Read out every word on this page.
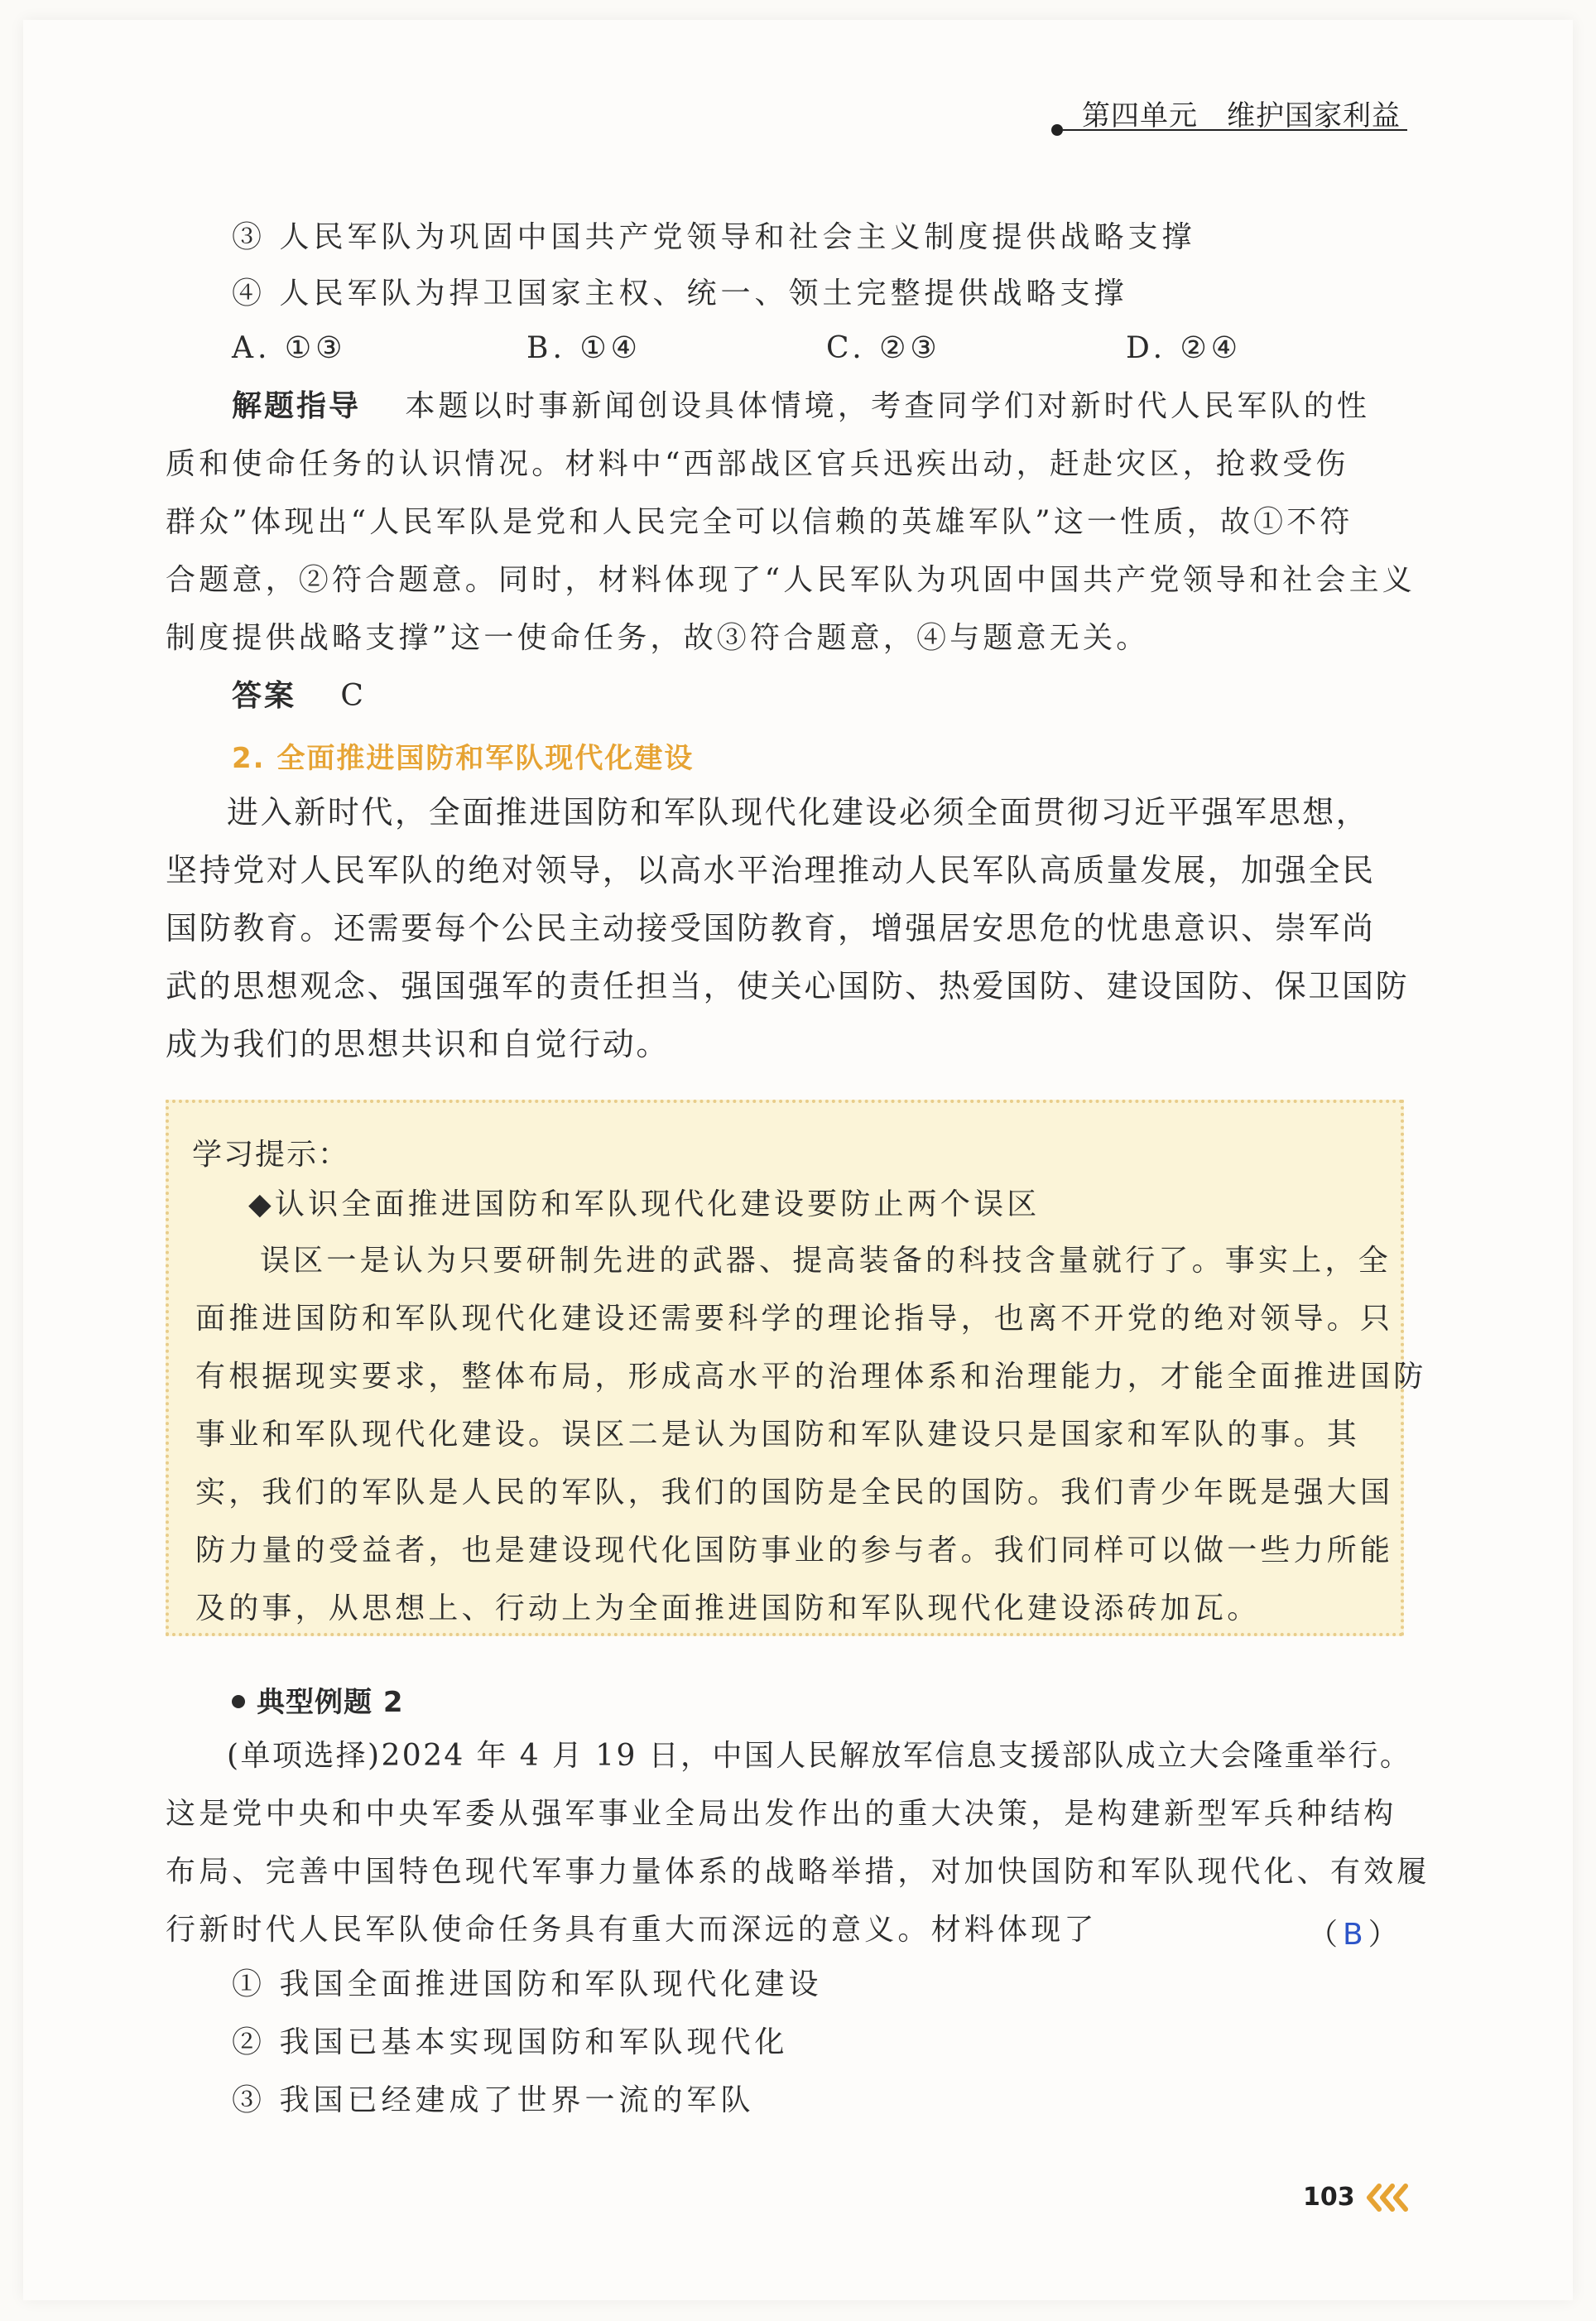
第四单元　维护国家利益
③ 人民军队为巩固中国共产党领导和社会主义制度提供战略支撑
④ 人民军队为捍卫国家主权、统一、领土完整提供战略支撑
A. ①③	B. ①④	C. ②③	D. ②④
解题指导 本题以时事新闻创设具体情境，考查同学们对新时代人民军队的性
质和使命任务的认识情况。材料中“西部战区官兵迅疾出动，赶赴灾区，抢救受伤
群众”体现出“人民军队是党和人民完全可以信赖的英雄军队”这一性质，故①不符
合题意，②符合题意。同时，材料体现了“人民军队为巩固中国共产党领导和社会主义
制度提供战略支撑”这一使命任务，故③符合题意，④与题意无关。
答案 C
2. 全面推进国防和军队现代化建设
进入新时代，全面推进国防和军队现代化建设必须全面贯彻习近平强军思想，
坚持党对人民军队的绝对领导，以高水平治理推动人民军队高质量发展，加强全民
国防教育。还需要每个公民主动接受国防教育，增强居安思危的忧患意识、崇军尚
武的思想观念、强国强军的责任担当，使关心国防、热爱国防、建设国防、保卫国防
成为我们的思想共识和自觉行动。
学习提示：
◆认识全面推进国防和军队现代化建设要防止两个误区
误区一是认为只要研制先进的武器、提高装备的科技含量就行了。事实上，全
面推进国防和军队现代化建设还需要科学的理论指导，也离不开党的绝对领导。只
有根据现实要求，整体布局，形成高水平的治理体系和治理能力，才能全面推进国防
事业和军队现代化建设。误区二是认为国防和军队建设只是国家和军队的事。其
实，我们的军队是人民的军队，我们的国防是全民的国防。我们青少年既是强大国
防力量的受益者，也是建设现代化国防事业的参与者。我们同样可以做一些力所能
及的事，从思想上、行动上为全面推进国防和军队现代化建设添砖加瓦。
典型例题 2
(单项选择)2024 年 4 月 19 日，中国人民解放军信息支援部队成立大会隆重举行。
这是党中央和中央军委从强军事业全局出发作出的重大决策，是构建新型军兵种结构
布局、完善中国特色现代军事力量体系的战略举措，对加快国防和军队现代化、有效履
行新时代人民军队使命任务具有重大而深远的意义。材料体现了	（B）
① 我国全面推进国防和军队现代化建设
② 我国已基本实现国防和军队现代化
③ 我国已经建成了世界一流的军队
103
